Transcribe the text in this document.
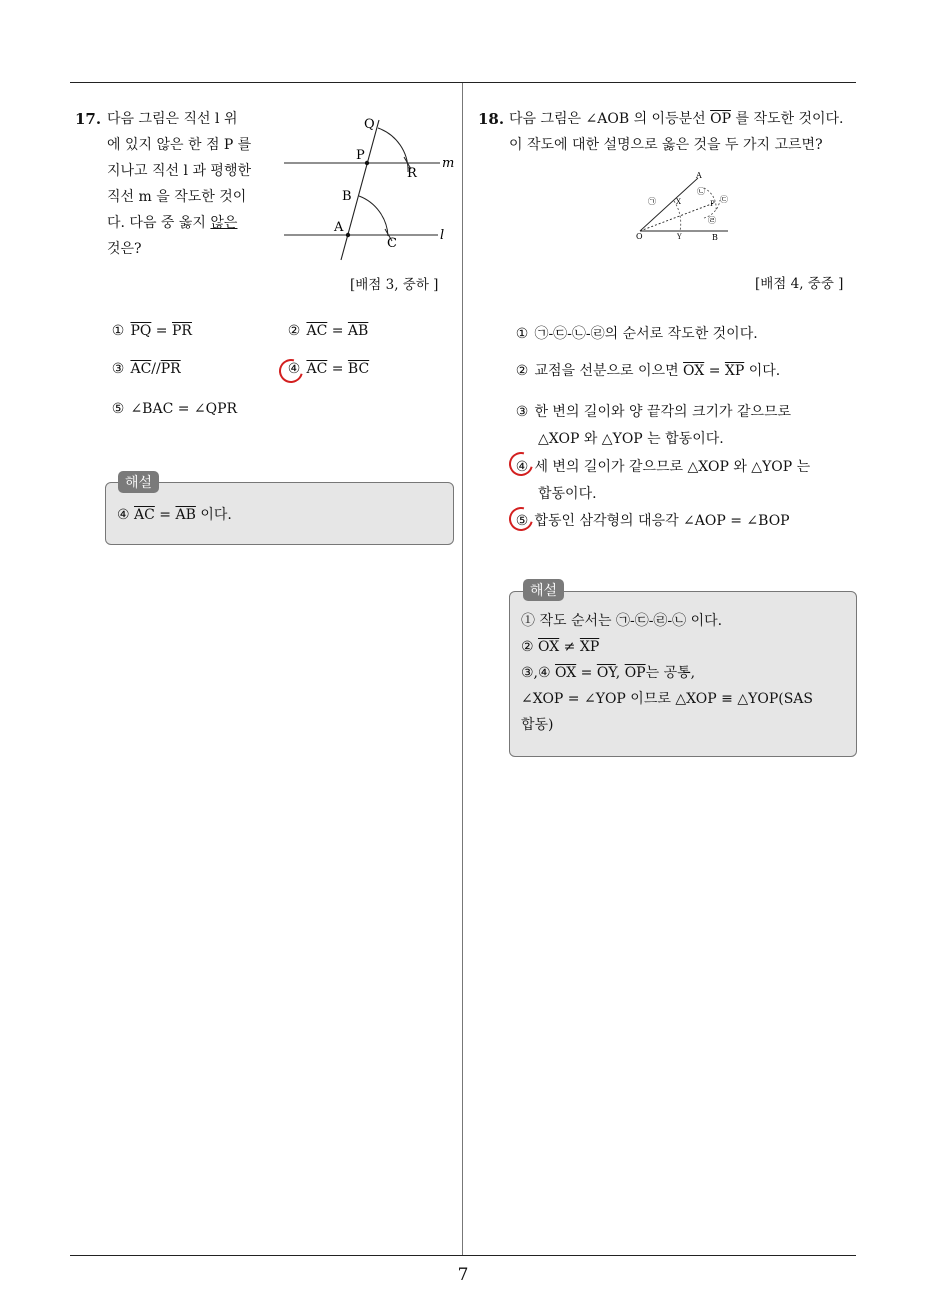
7
17. 다음 그림은 직선 l 위
에 있지 않은 한 점 P 를
지나고 직선 l 과 평행한
직선 m 을 작도한 것이
다. 다음 중 옳지 않은
것은?
Q
P
R
B
A
C
m
l
[배점 3, 중하 ]
① $\overline{PQ} = \overline{PR}$	② $\overline{AC} = \overline{AB}$
③ $\overline{AC}//\overline{PR}$	④ $\overline{AC} = \overline{BC}$
⑤ ∠BAC = ∠QPR
해설
④ $\overline{AC} = \overline{AB}$ 이다.
18. 다음 그림은 ∠AOB 의 이등분선 $\overline{OP}$ 를 작도한 것이다.
이 작도에 대한 설명으로 옳은 것을 두 가지 고르면?
A
O	B
X
Y
P
㉠
㉡
㉢
㉣
[배점 4, 중중 ]
① ㉠-㉢-㉡-㉣의 순서로 작도한 것이다.
② 교점을 선분으로 이으면 $\overline{OX} = \overline{XP}$ 이다.
③ 한 변의 길이와 양 끝각의 크기가 같으므로
△XOP 와 △YOP 는 합동이다.
④ 세 변의 길이가 같으므로 △XOP 와 △YOP 는
합동이다.
⑤ 합동인 삼각형의 대응각 ∠AOP = ∠BOP
해설
① 작도 순서는 ㉠-㉢-㉣-㉡ 이다.
② $\overline{OX} \ne \overline{XP}$
③,④ $\overline{OX} = \overline{OY}$, $\overline{OP}$는 공통,
∠XOP = ∠YOP 이므로 △XOP ≡ △YOP(SAS
합동)
